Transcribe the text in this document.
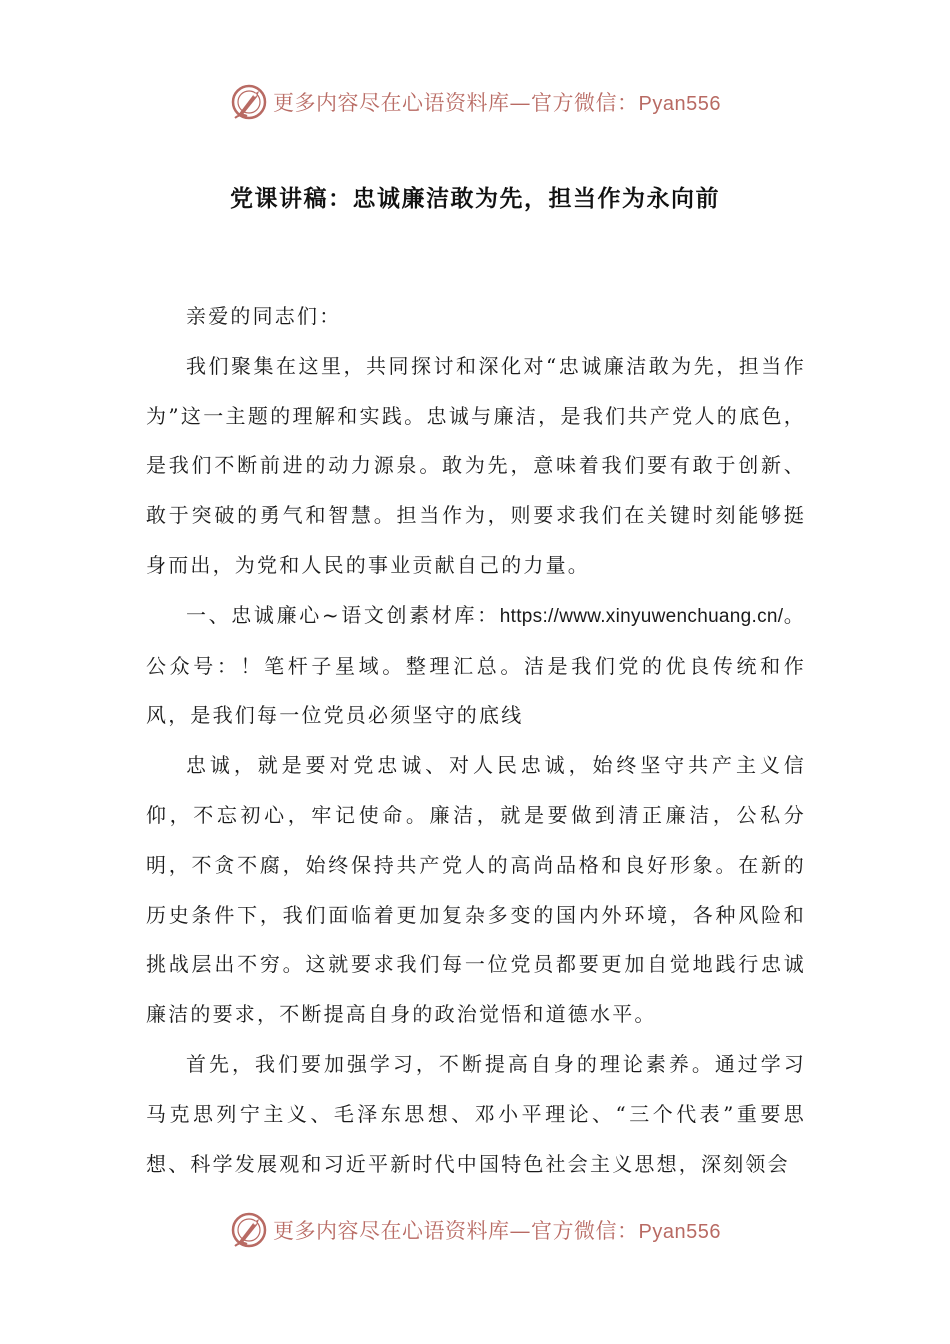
更多内容尽在心语资料库—官方微信：Pyan556
党课讲稿：忠诚廉洁敢为先，担当作为永向前

亲爱的同志们：

我们聚集在这里，共同探讨和深化对“忠诚廉洁敢为先，担当作为”这一主题的理解和实践。忠诚与廉洁，是我们共产党人的底色，是我们不断前进的动力源泉。敢为先，意味着我们要有敢于创新、敢于突破的勇气和智慧。担当作为，则要求我们在关键时刻能够挺身而出，为党和人民的事业贡献自己的力量。

一、忠诚廉心~语文创素材库：https://www.xinyuwenchuang.cn/。公众号：！笔杆子星域。整理汇总。洁是我们党的优良传统和作风，是我们每一位党员必须坚守的底线

忠诚，就是要对党忠诚、对人民忠诚，始终坚守共产主义信仰，不忘初心，牢记使命。廉洁，就是要做到清正廉洁，公私分明，不贪不腐，始终保持共产党人的高尚品格和良好形象。在新的历史条件下，我们面临着更加复杂多变的国内外环境，各种风险和挑战层出不穷。这就要求我们每一位党员都要更加自觉地践行忠诚廉洁的要求，不断提高自身的政治觉悟和道德水平。

首先，我们要加强学习，不断提高自身的理论素养。通过学习马克思列宁主义、毛泽东思想、邓小平理论、“三个代表”重要思想、科学发展观和习近平新时代中国特色社会主义思想，深刻领会

更多内容尽在心语资料库—官方微信：Pyan556
